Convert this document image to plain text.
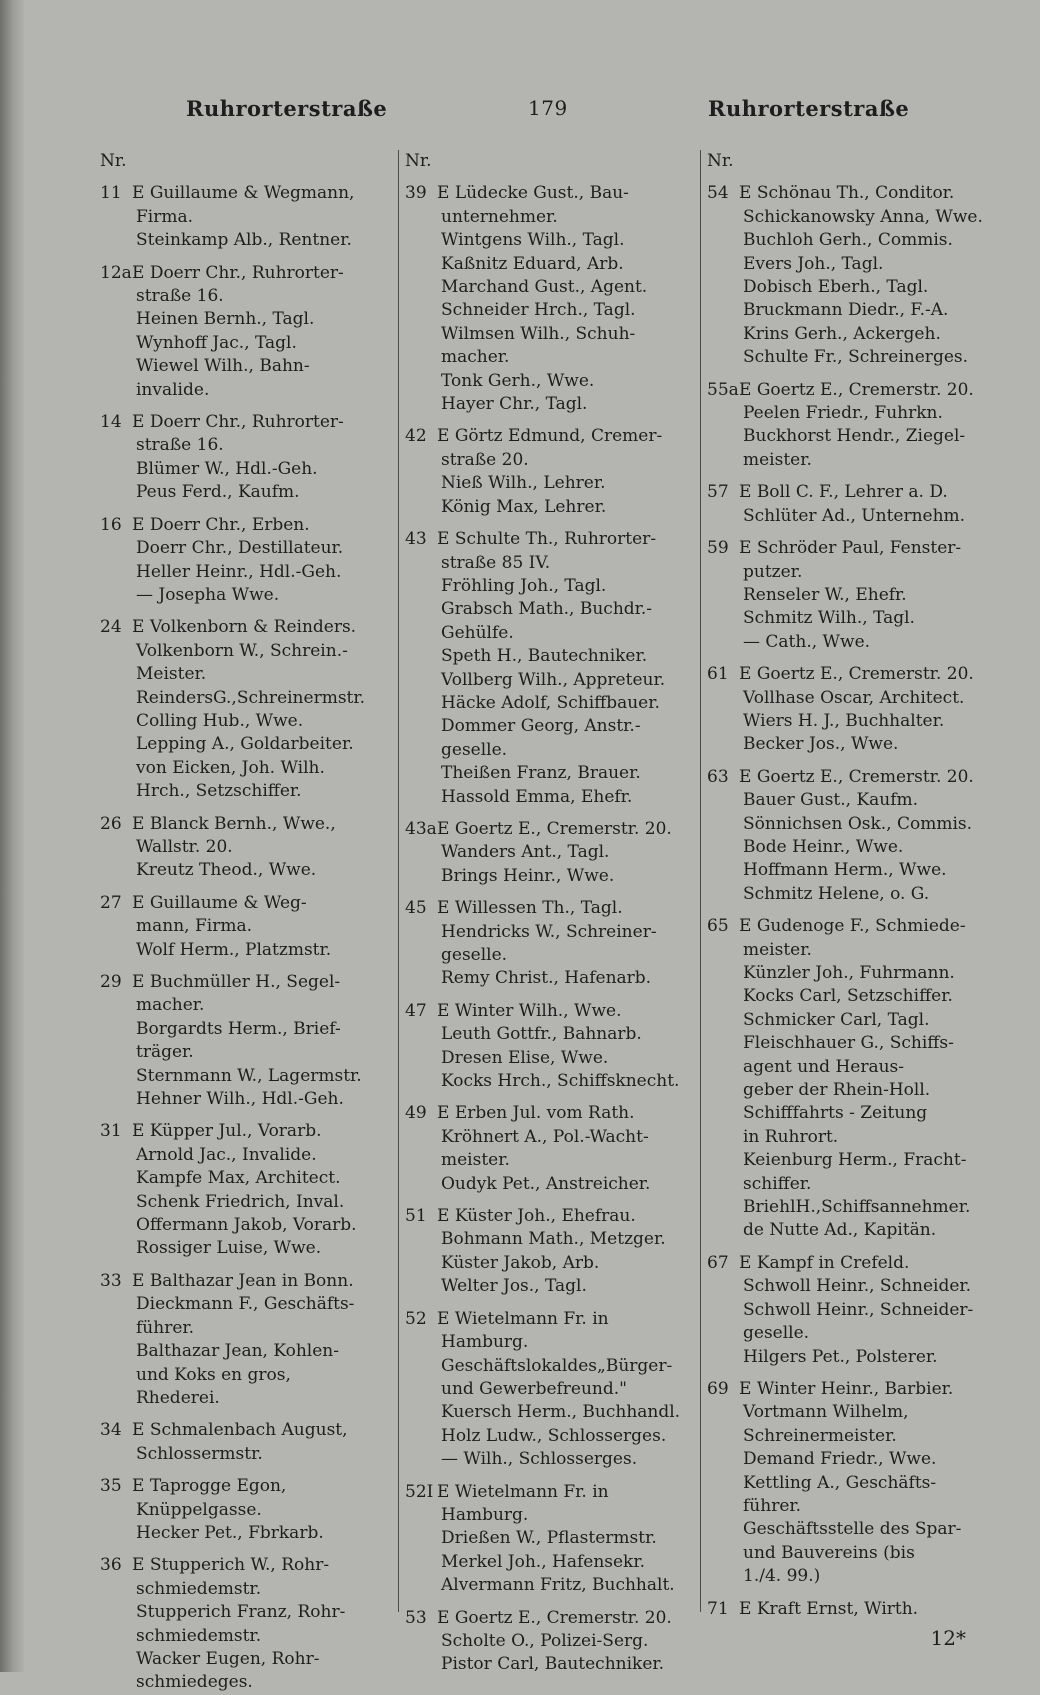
Ruhrorterstraße	179	Ruhrorterstraße
Nr.
11 E Guillaume & Wegmann,
Firma.
Steinkamp Alb., Rentner.
12aE Doerr Chr., Ruhrorter-
straße 16.
Heinen Bernh., Tagl.
Wynhoff Jac., Tagl.
Wiewel Wilh., Bahn-
invalide.
14 E Doerr Chr., Ruhrorter-
straße 16.
Blümer W., Hdl.-Geh.
Peus Ferd., Kaufm.
16 E Doerr Chr., Erben.
Doerr Chr., Destillateur.
Heller Heinr., Hdl.-Geh.
— Josepha Wwe.
24 E Volkenborn & Reinders.
Volkenborn W., Schrein.-
Meister.
ReindersG.,Schreinermstr.
Colling Hub., Wwe.
Lepping A., Goldarbeiter.
von Eicken, Joh. Wilh.
Hrch., Setzschiffer.
26 E Blanck Bernh., Wwe.,
Wallstr. 20.
Kreutz Theod., Wwe.
27 E Guillaume & Weg-
mann, Firma.
Wolf Herm., Platzmstr.
29 E Buchmüller H., Segel-
macher.
Borgardts Herm., Brief-
träger.
Sternmann W., Lagermstr.
Hehner Wilh., Hdl.-Geh.
31 E Küpper Jul., Vorarb.
Arnold Jac., Invalide.
Kampfe Max, Architect.
Schenk Friedrich, Inval.
Offermann Jakob, Vorarb.
Rossiger Luise, Wwe.
33 E Balthazar Jean in Bonn.
Dieckmann F., Geschäfts-
führer.
Balthazar Jean, Kohlen-
und Koks en gros,
Rhederei.
34 E Schmalenbach August,
Schlossermstr.
35 E Taprogge Egon,
Knüppelgasse.
Hecker Pet., Fbrkarb.
36 E Stupperich W., Rohr-
schmiedemstr.
Stupperich Franz, Rohr-
schmiedemstr.
Wacker Eugen, Rohr-
schmiedeges.
Nr.
39 E Lüdecke Gust., Bau-
unternehmer.
Wintgens Wilh., Tagl.
Kaßnitz Eduard, Arb.
Marchand Gust., Agent.
Schneider Hrch., Tagl.
Wilmsen Wilh., Schuh-
macher.
Tonk Gerh., Wwe.
Hayer Chr., Tagl.
42 E Görtz Edmund, Cremer-
straße 20.
Nieß Wilh., Lehrer.
König Max, Lehrer.
43 E Schulte Th., Ruhrorter-
straße 85 IV.
Fröhling Joh., Tagl.
Grabsch Math., Buchdr.-
Gehülfe.
Speth H., Bautechniker.
Vollberg Wilh., Appreteur.
Häcke Adolf, Schiffbauer.
Dommer Georg, Anstr.-
geselle.
Theißen Franz, Brauer.
Hassold Emma, Ehefr.
43aE Goertz E., Cremerstr. 20.
Wanders Ant., Tagl.
Brings Heinr., Wwe.
45 E Willessen Th., Tagl.
Hendricks W., Schreiner-
geselle.
Remy Christ., Hafenarb.
47 E Winter Wilh., Wwe.
Leuth Gottfr., Bahnarb.
Dresen Elise, Wwe.
Kocks Hrch., Schiffsknecht.
49 E Erben Jul. vom Rath.
Kröhnert A., Pol.-Wacht-
meister.
Oudyk Pet., Anstreicher.
51 E Küster Joh., Ehefrau.
Bohmann Math., Metzger.
Küster Jakob, Arb.
Welter Jos., Tagl.
52 E Wietelmann Fr. in
Hamburg.
Geschäftslokaldes„Bürger-
und Gewerbefreund."
Kuersch Herm., Buchhandl.
Holz Ludw., Schlosserges.
— Wilh., Schlosserges.
52I E Wietelmann Fr. in
Hamburg.
Drießen W., Pflastermstr.
Merkel Joh., Hafensekr.
Alvermann Fritz, Buchhalt.
53 E Goertz E., Cremerstr. 20.
Scholte O., Polizei-Serg.
Pistor Carl, Bautechniker.
Nr.
54 E Schönau Th., Conditor.
Schickanowsky Anna, Wwe.
Buchloh Gerh., Commis.
Evers Joh., Tagl.
Dobisch Eberh., Tagl.
Bruckmann Diedr., F.-A.
Krins Gerh., Ackergeh.
Schulte Fr., Schreinerges.
55aE Goertz E., Cremerstr. 20.
Peelen Friedr., Fuhrkn.
Buckhorst Hendr., Ziegel-
meister.
57 E Boll C. F., Lehrer a. D.
Schlüter Ad., Unternehm.
59 E Schröder Paul, Fenster-
putzer.
Renseler W., Ehefr.
Schmitz Wilh., Tagl.
— Cath., Wwe.
61 E Goertz E., Cremerstr. 20.
Vollhase Oscar, Architect.
Wiers H. J., Buchhalter.
Becker Jos., Wwe.
63 E Goertz E., Cremerstr. 20.
Bauer Gust., Kaufm.
Sönnichsen Osk., Commis.
Bode Heinr., Wwe.
Hoffmann Herm., Wwe.
Schmitz Helene, o. G.
65 E Gudenoge F., Schmiede-
meister.
Künzler Joh., Fuhrmann.
Kocks Carl, Setzschiffer.
Schmicker Carl, Tagl.
Fleischhauer G., Schiffs-
agent und Heraus-
geber der Rhein-Holl.
Schifffahrts - Zeitung
in Ruhrort.
Keienburg Herm., Fracht-
schiffer.
BriehlH.,Schiffsannehmer.
de Nutte Ad., Kapitän.
67 E Kampf in Crefeld.
Schwoll Heinr., Schneider.
Schwoll Heinr., Schneider-
geselle.
Hilgers Pet., Polsterer.
69 E Winter Heinr., Barbier.
Vortmann Wilhelm,
Schreinermeister.
Demand Friedr., Wwe.
Kettling A., Geschäfts-
führer.
Geschäftsstelle des Spar-
und Bauvereins (bis
1./4. 99.)
71 E Kraft Ernst, Wirth.
12*
